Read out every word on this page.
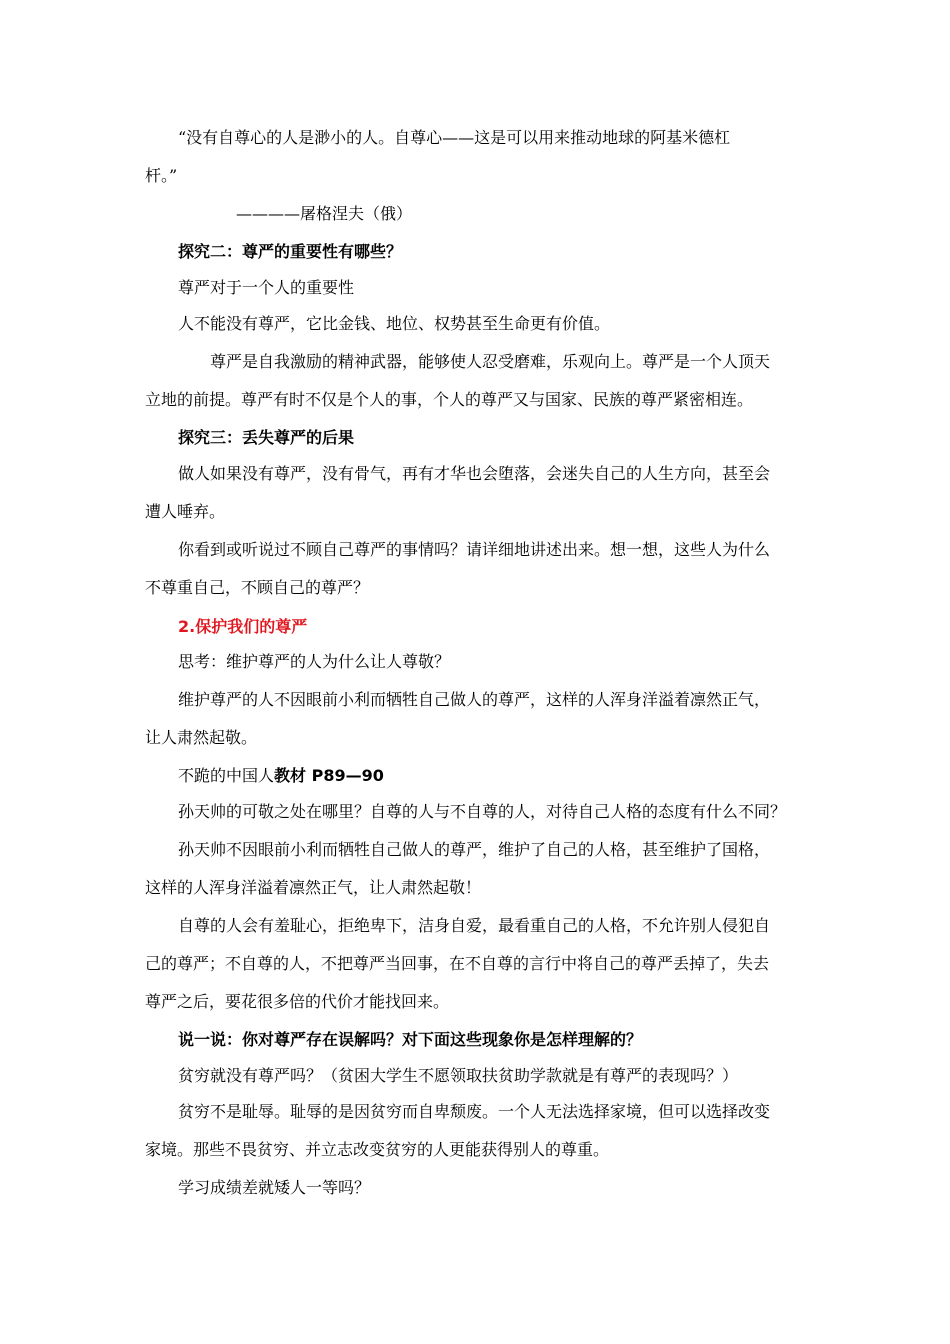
“没有自尊心的人是渺小的人。自尊心——这是可以用来推动地球的阿基米德杠

杆。”

————屠格涅夫（俄）

探究二：尊严的重要性有哪些？

尊严对于一个人的重要性

人不能没有尊严，它比金钱、地位、权势甚至生命更有价值。

尊严是自我激励的精神武器，能够使人忍受磨难，乐观向上。尊严是一个人顶天

立地的前提。尊严有时不仅是个人的事，个人的尊严又与国家、民族的尊严紧密相连。

探究三：丢失尊严的后果

做人如果没有尊严，没有骨气，再有才华也会堕落，会迷失自己的人生方向，甚至会

遭人唾弃。

你看到或听说过不顾自己尊严的事情吗？请详细地讲述出来。想一想，这些人为什么

不尊重自己，不顾自己的尊严？

2.保护我们的尊严

思考：维护尊严的人为什么让人尊敬？

维护尊严的人不因眼前小利而牺牲自己做人的尊严，这样的人浑身洋溢着凛然正气，

让人肃然起敬。

不跪的中国人教材 P89—90

孙天帅的可敬之处在哪里？自尊的人与不自尊的人，对待自己人格的态度有什么不同？

孙天帅不因眼前小利而牺牲自己做人的尊严，维护了自己的人格，甚至维护了国格，

这样的人浑身洋溢着凛然正气，让人肃然起敬！

自尊的人会有羞耻心，拒绝卑下，洁身自爱，最看重自己的人格，不允许别人侵犯自

己的尊严；不自尊的人，不把尊严当回事，在不自尊的言行中将自己的尊严丢掉了，失去

尊严之后，要花很多倍的代价才能找回来。

说一说：你对尊严存在误解吗？对下面这些现象你是怎样理解的？

贫穷就没有尊严吗？（贫困大学生不愿领取扶贫助学款就是有尊严的表现吗？）

贫穷不是耻辱。耻辱的是因贫穷而自卑颓废。一个人无法选择家境，但可以选择改变

家境。那些不畏贫穷、并立志改变贫穷的人更能获得别人的尊重。

学习成绩差就矮人一等吗？
